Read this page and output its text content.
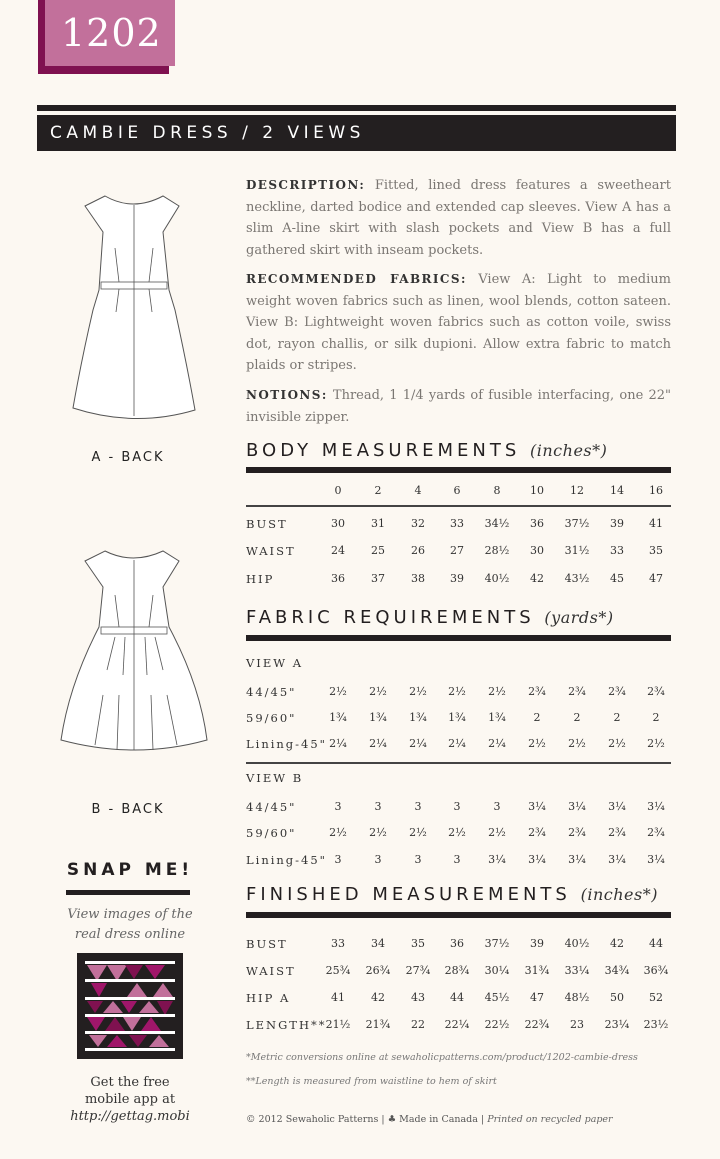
1202
CAMBIE DRESS / 2 VIEWS
A - BACK
B - BACK
DESCRIPTION: Fitted, lined dress features a sweetheart neckline, darted bodice and extended cap sleeves. View A has a slim A-line skirt with slash pockets and View B has a full gathered skirt with inseam pockets.
RECOMMENDED FABRICS: View A: Light to medium weight woven fabrics such as linen, wool blends, cotton sateen. View B: Lightweight woven fabrics such as cotton voile, swiss dot, rayon challis, or silk dupioni. Allow extra fabric to match plaids or stripes.
NOTIONS: Thread, 1 1/4 yards of fusible interfacing, one 22" invisible zipper.
BODY MEASUREMENTS (inches*)
0	2	4	6	8	10	12	14	16
BUST	30	31	32	33	34½	36	37½	39	41
WAIST	24	25	26	27	28½	30	31½	33	35
HIP	36	37	38	39	40½	42	43½	45	47
FABRIC REQUIREMENTS (yards*)
VIEW A
44/45"	2½	2½	2½	2½	2½	2¾	2¾	2¾	2¾
59/60"	1¾	1¾	1¾	1¾	1¾	2	2	2	2
Lining-45" 2¼	2¼	2¼	2¼	2¼	2½	2½	2½	2½
VIEW B
44/45"	3	3	3	3	3	3¼	3¼	3¼	3¼
59/60"	2½	2½	2½	2½	2½	2¾	2¾	2¾	2¾
Lining-45" 3	3	3	3	3¼	3¼	3¼	3¼	3¼
FINISHED MEASUREMENTS (inches*)
BUST	33	34	35	36	37½	39	40½	42	44
WAIST	25¾	26¾	27¾	28¾	30¼	31¾	33¼	34¾	36¾
HIP A	41	42	43	44	45½	47	48½	50	52
LENGTH** 21½	21¾	22	22¼	22½	22¾	23	23¼	23½
*Metric conversions online at sewaholicpatterns.com/product/1202-cambie-dress
**Length is measured from waistline to hem of skirt
© 2012 Sewaholic Patterns | ♣ Made in Canada | Printed on recycled paper
SNAP ME!
View images of the
real dress online
Get the free
mobile app at
http://gettag.mobi
